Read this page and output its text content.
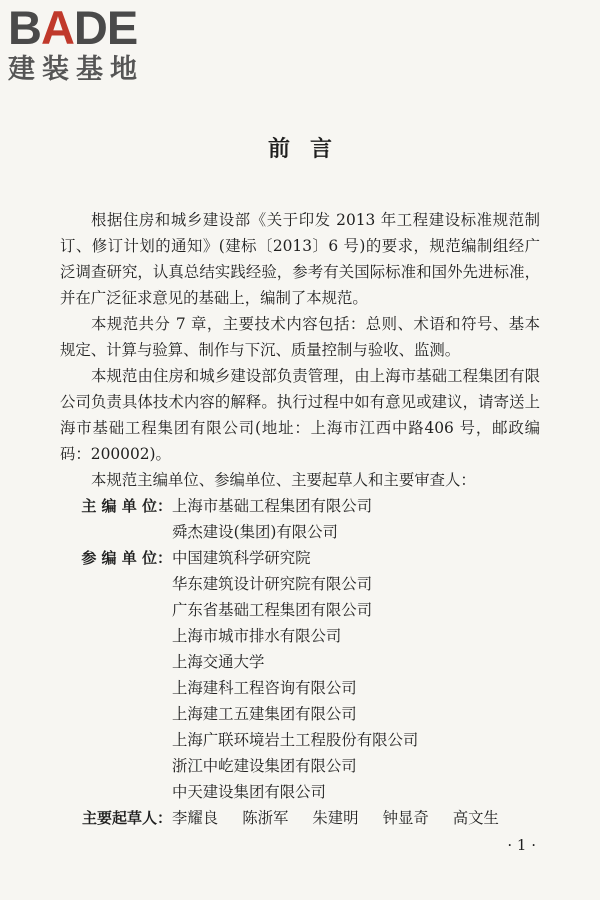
BADE
建装基地
前言

根据住房和城乡建设部《关于印发 2013 年工程建设标准规范制订、修订计划的通知》(建标〔2013〕6 号)的要求，规范编制组经广泛调查研究，认真总结实践经验，参考有关国际标准和国外先进标准，并在广泛征求意见的基础上，编制了本规范。

本规范共分 7 章，主要技术内容包括：总则、术语和符号、基本规定、计算与验算、制作与下沉、质量控制与验收、监测。

本规范由住房和城乡建设部负责管理，由上海市基础工程集团有限公司负责具体技术内容的解释。执行过程中如有意见或建议，请寄送上海市基础工程集团有限公司(地址：上海市江西中路406 号，邮政编码：200002)。

本规范主编单位、参编单位、主要起草人和主要审查人：

主 编 单 位： 上海市基础工程集团有限公司
舜杰建设(集团)有限公司
参 编 单 位： 中国建筑科学研究院
华东建筑设计研究院有限公司
广东省基础工程集团有限公司
上海市城市排水有限公司
上海交通大学
上海建科工程咨询有限公司
上海建工五建集团有限公司
上海广联环境岩土工程股份有限公司
浙江中屹建设集团有限公司
中天建设集团有限公司
主要起草人： 李耀良 陈浙军 朱建明 钟显奇 高文生
· 1 ·
